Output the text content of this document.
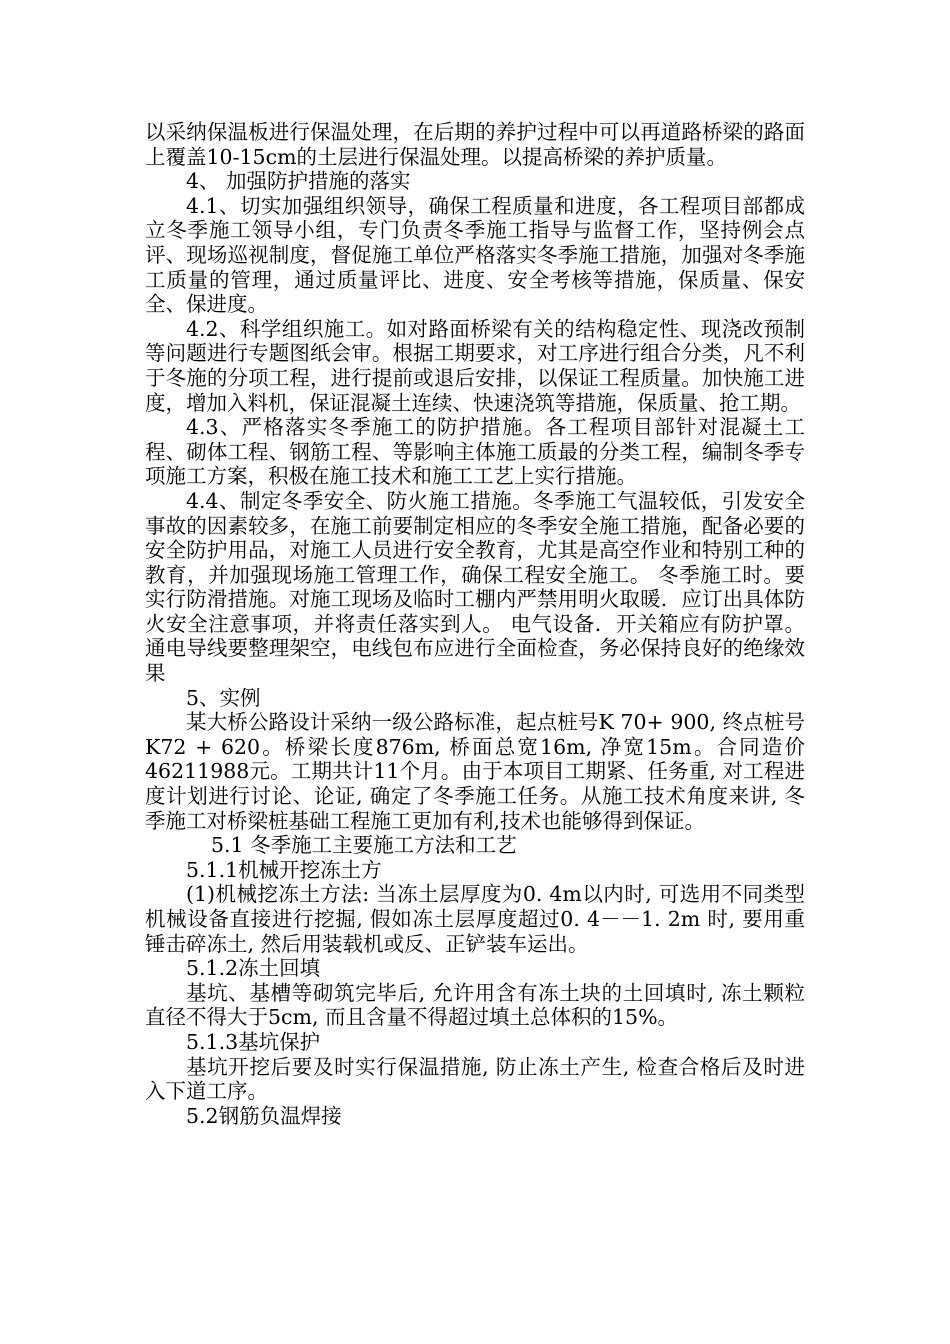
以采纳保温板进行保温处理，在后期的养护过程中可以再道路桥梁的路面上覆盖10-15cm的土层进行保温处理。以提高桥梁的养护质量。

4、 加强防护措施的落实

4.1、切实加强组织领导，确保工程质量和进度，各工程项目部都成立冬季施工领导小组，专门负责冬季施工指导与监督工作，坚持例会点评、现场巡视制度，督促施工单位严格落实冬季施工措施，加强对冬季施工质量的管理，通过质量评比、进度、安全考核等措施，保质量、保安全、保进度。

4.2、科学组织施工。如对路面桥梁有关的结构稳定性、现浇改预制等问题进行专题图纸会审。根据工期要求，对工序进行组合分类，凡不利于冬施的分项工程，进行提前或退后安排，以保证工程质量。加快施工进度，增加入料机，保证混凝土连续、快速浇筑等措施，保质量、抢工期。

4.3、严格落实冬季施工的防护措施。各工程项目部针对混凝土工程、砌体工程、钢筋工程、等影响主体施工质最的分类工程，编制冬季专项施工方案，积极在施工技术和施工工艺上实行措施。

4.4、制定冬季安全、防火施工措施。冬季施工气温较低，引发安全事故的因素较多，在施工前要制定相应的冬季安全施工措施，配备必要的安全防护用品，对施工人员进行安全教育，尤其是高空作业和特别工种的教育，并加强现场施工管理工作，确保工程安全施工。 冬季施工时。要实行防滑措施。对施工现场及临时工棚内严禁用明火取暖．应订出具体防火安全注意事项，并将责任落实到人。 电气设备．开关箱应有防护罩。通电导线要整理架空，电线包布应进行全面检查，务必保持良好的绝缘效果

5、实例

某大桥公路设计采纳一级公路标准，起点桩号K 70+ 900, 终点桩号K72 + 620。桥梁长度876m, 桥面总宽16m, 净宽15m。合同造价46211988元。工期共计11个月。由于本项目工期紧、任务重, 对工程进度计划进行讨论、论证, 确定了冬季施工任务。从施工技术角度来讲, 冬季施工对桥梁桩基础工程施工更加有利,技术也能够得到保证。

5.1 冬季施工主要施工方法和工艺

5.1.1机械开挖冻土方

(1)机械挖冻土方法: 当冻土层厚度为0. 4m以内时, 可选用不同类型机械设备直接进行挖掘, 假如冻土层厚度超过0. 4－－1. 2m 时, 要用重锤击碎冻土, 然后用装载机或反、正铲装车运出。

5.1.2冻土回填

基坑、基槽等砌筑完毕后, 允许用含有冻土块的土回填时, 冻土颗粒直径不得大于5cm, 而且含量不得超过填土总体积的15%。

5.1.3基坑保护

基坑开挖后要及时实行保温措施, 防止冻土产生, 检查合格后及时进入下道工序。

5.2钢筋负温焊接
